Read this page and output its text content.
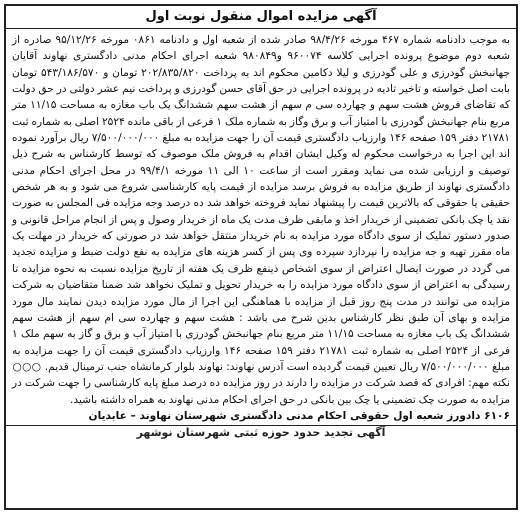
آگهی مزایده اموال منقول نوبت اول

به موجب دادنامه شماره ۴۶۷ مورخه ۹۸/۴/۲۶ صادر شده از شعبه اول و دادنامه ۰۸۶۱ مورخه ۹۵/۱۲/۲۶ صادره از شعبه دوم موضوع پرونده اجرایی کلاسه ۹۶۰۰۷۴ و۹۸۰۸۴۹ شعبه اجرای احکام مدنی دادگستری نهاوند آقایان جهانبخش گودرزی و علی گودرزی و لیلا دکامین محکوم اند به پرداخت ۲۰۲/۸۳۵/۸۲۰ تومان و ۵۴۳/۱۸۶/۵۷۰ تومان بابت اصل خواسته و تاخیر تادیه در پرونده اجرایی در حق آقای حسن گودرزی و پرداخت نیم عشر دولتی در حق دولت که تقاضای فروش هشت سهم و چهارده سی م سهم از هشت سهم ششدانگ یک باب مغازه به مساحت ۱۱/۱۵ متر مربع بنام جهانبخش گودرزی با امتیاز آب و برق وگاز به شماره ملک ۱ فرعی از باقی مانده ۲۵۲۴ اصلی به شماره ثبت ۲۱۷۸۱ دفتر ۱۵۹ صفحه ۱۴۶ وارزیاب دادگستری قیمت آن را جهت مزایده به مبلغ ۷/۵۰۰/۰۰۰/۰۰۰ ریال برآورد نموده اند این اجرا به درخواست محکوم له وکیل ایشان اقدام به فروش ملک موصوف که توسط کارشناس به شرح ذیل توصیف و ارزیابی شده می نماید ومقرر است از ساعت ۱۰ الی ۱۱ مورخه ۹۹/۴/۱ در محل اجرای احکام مدنی دادگستری نهاوند از طریق مزایده به فروش برسد مزایده از قیمت پایه کارشناسی شروع می شود و به هر شخص حقیقی یا حقوقی که بالاترین قیمت را پیشنهاد نماید فروخته خواهد شد ده درصد وجه مزایده فی المجلس به صورت نقد یا چک بانکی تضمینی از خریدار اخذ و مابقی ظرف مدت یک ماه از خریدار وصول و پس از انجام مراحل قانونی و صدور دستور تملیک از سوی دادگاه مورد مزایده به نام خریدار منتقل خواهد شد در صورتی که خریدار در مهلت یک ماه مقرر تهیه و جه مزایده را نپردازد سپرده وی پس از کسر هزینه های مزایده به نفع دولت ضبط و مزایده تجدید می گردد در صورت ایصال اعتراض از سوی اشخاص ذینفع ظرف یک هفته از تاریخ مزایده نسبت به نحوه مزایده تا رسیدگی به اعتراض از سوی دادگاه مورد مزایده را به خریدار تحویل و تملیک نخواهد شد ضمنا متقاضیان به شرکت مزایده می توانند در مدت پنج روز قبل از مزایده با هماهنگی این اجرا از مال مورد مزایده دیدن نمایند مال مورد مزایده و بهای آن طبق نظر کارشناس بدین شرح می باشد : هشت سهم و چهارده سی ام سهم از هشت سهم ششدانگ یک باب مغازه به مساحت ۱۱/۱۵ متر مربع بنام جهانبخش گودرزی با امتیاز آب و برق و گاز به سهم ملک ۱ فرعی از ۲۵۲۴ اصلی به شماره ثبت ۲۱۷۸۱ دفتر ۱۵۹ صفحه ۱۴۶ وارزیاب دادگستری قیمت آن را جهت مزایده به مبلغ ۷/۵۰۰/۰۰۰/۰۰۰ ریال تعیین قیمت گردیده است آدرس نهاوند: نهاوند بلوار کرمانشاه جنب ترمینال قدیم. ○○○ نکته مهم: افرادی که قصد شرکت در مزایده را دارند در روز مزایده ده درصد مبلغ پایه کارشناسی را جهت شرکت در مزایده به صورت چک تضمینی یا چک بین بانکی در حق اجرای احکام مدنی نهاوند به همراه داشته باشید.

۶۱۰۶ دادورز شعبه اول حقوقی احکام مدنی دادگستری شهرستان نهاوند – عابدیان
آگهی تجدید حدود حوزه ثبتی شهرستان نوشهر
